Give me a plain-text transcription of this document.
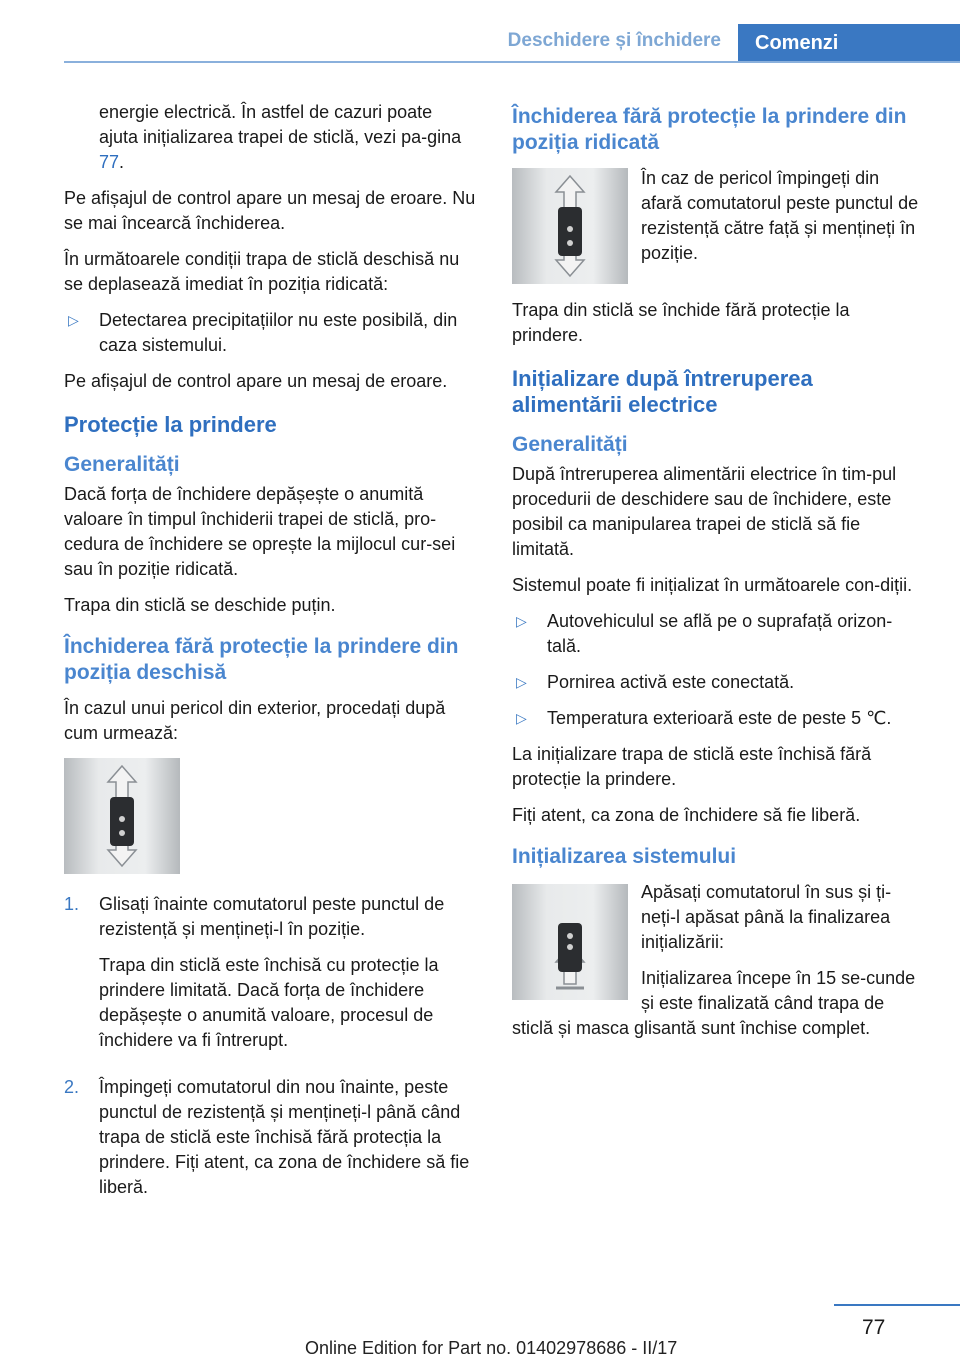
Deschidere și închidere	Comenzi

energie electrică. În astfel de cazuri poate ajuta inițializarea trapei de sticlă, vezi pa-gina 77.

Pe afișajul de control apare un mesaj de eroare. Nu se mai încearcă închiderea.

În următoarele condiții trapa de sticlă deschisă nu se deplasează imediat în poziția ridicată:

▷	Detectarea precipitațiilor nu este posibilă, din caza sistemului.

Pe afișajul de control apare un mesaj de eroare.

Protecție la prindere
Generalități

Dacă forța de închidere depășește o anumită valoare în timpul închiderii trapei de sticlă, pro-cedura de închidere se oprește la mijlocul cur-sei sau în poziție ridicată.

Trapa din sticlă se deschide puțin.

Închiderea fără protecție la prindere din poziția deschisă

În cazul unui pericol din exterior, procedați după cum urmează:

1.	Glisați înainte comutatorul peste punctul de rezistență și mențineți-l în poziție.

Trapa din sticlă este închisă cu protecție la prindere limitată. Dacă forța de închidere depășește o anumită valoare, procesul de închidere va fi întrerupt.

2.	Împingeți comutatorul din nou înainte, peste punctul de rezistență și mențineți-l până când trapa de sticlă este închisă fără protecția la prindere. Fiți atent, ca zona de închidere să fie liberă.

Închiderea fără protecție la prindere din poziția ridicată

În caz de pericol împingeți din afară comutatorul peste punctul de rezistență către față și mențineți în poziție.

Trapa din sticlă se închide fără protecție la prindere.

Inițializare după întreruperea alimentării electrice
Generalități

După întreruperea alimentării electrice în tim-pul procedurii de deschidere sau de închidere, este posibil ca manipularea trapei de sticlă să fie limitată.

Sistemul poate fi inițializat în următoarele con-diții.

▷	Autovehiculul se află pe o suprafață orizon-tală.
▷	Pornirea activă este conectată.
▷	Temperatura exterioară este de peste 5 ℃.

La inițializare trapa de sticlă este închisă fără protecție la prindere.

Fiți atent, ca zona de închidere să fie liberă.

Inițializarea sistemului

Apăsați comutatorul în sus și ți-neți-l apăsat până la finalizarea inițializării:

Inițializarea începe în 15 se-cunde și este finalizată când trapa de sticlă și masca glisantă sunt închise complet.

77
Online Edition for Part no. 01402978686 - II/17
